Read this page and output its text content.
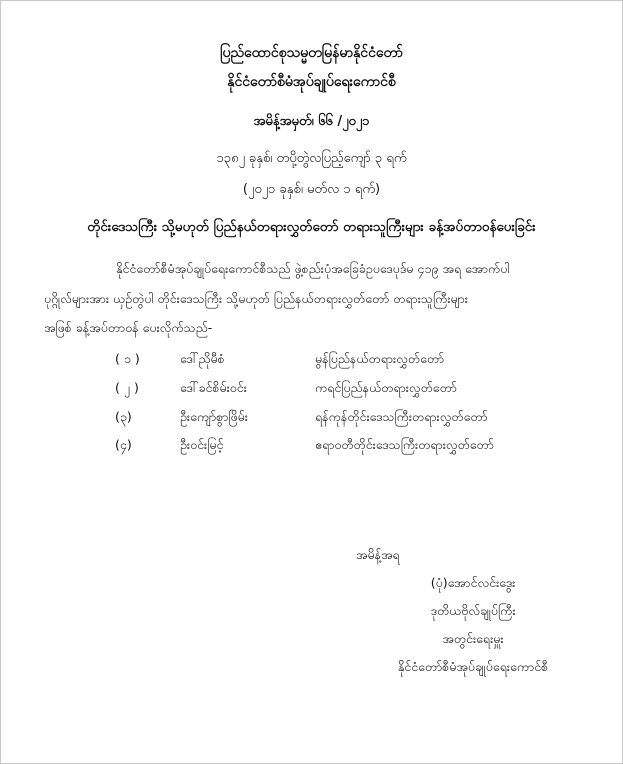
ပြည်ထောင်စုသမ္မတမြန်မာနိုင်ငံတော်
နိုင်ငံတော်စီမံအုပ်ချုပ်ရေးကောင်စီ
အမိန့်အမှတ်၊ ၆၆ /၂၀၂၁
၁၃၈၂ ခုနှစ်၊ တပို့တွဲလပြည့်ကျော် ၃ ရက်
(၂၀၂၁ ခုနှစ်၊ မတ်လ ၁ ရက်)
တိုင်းဒေသကြီး သို့မဟုတ် ပြည်နယ်တရားလွှတ်တော် တရားသူကြီးများ ခန့်အပ်တာဝန်ပေးခြင်း
နိုင်ငံတော်စီမံအုပ်ချုပ်ရေးကောင်စီသည် ဖွဲ့စည်းပုံအခြေခံဥပဒေပုဒ်မ ၄၁၉ အရ အောက်ပါ
ပုဂ္ဂိုလ်များအား ယှဉ်တွဲပါ တိုင်းဒေသကြီး သို့မဟုတ် ပြည်နယ်တရားလွှတ်တော် တရားသူကြီးများ
အဖြစ် ခန့်အပ်တာဝန် ပေးလိုက်သည်-
( ၁ )	ဒေါ်ညိုမီစံ	မွန်ပြည်နယ်တရားလွှတ်တော်
( ၂ )	ဒေါ်ခင်စိမ်းဝင်း	ကရင်ပြည်နယ်တရားလွှတ်တော်
(၃)	ဦးကျော်စွာဖြိမ်း	ရန်ကုန်တိုင်းဒေသကြီးတရားလွှတ်တော်
(၄)	ဦးဝင်းမြင့်	ဧရာဝတီတိုင်းဒေသကြီးတရားလွှတ်တော်
အမိန့်အရ
(ပုံ)အောင်လင်းဒွေး
ဒုတိယဗိုလ်ချုပ်ကြီး
အတွင်းရေးမှူး
နိုင်ငံတော်စီမံအုပ်ချုပ်ရေးကောင်စီ
